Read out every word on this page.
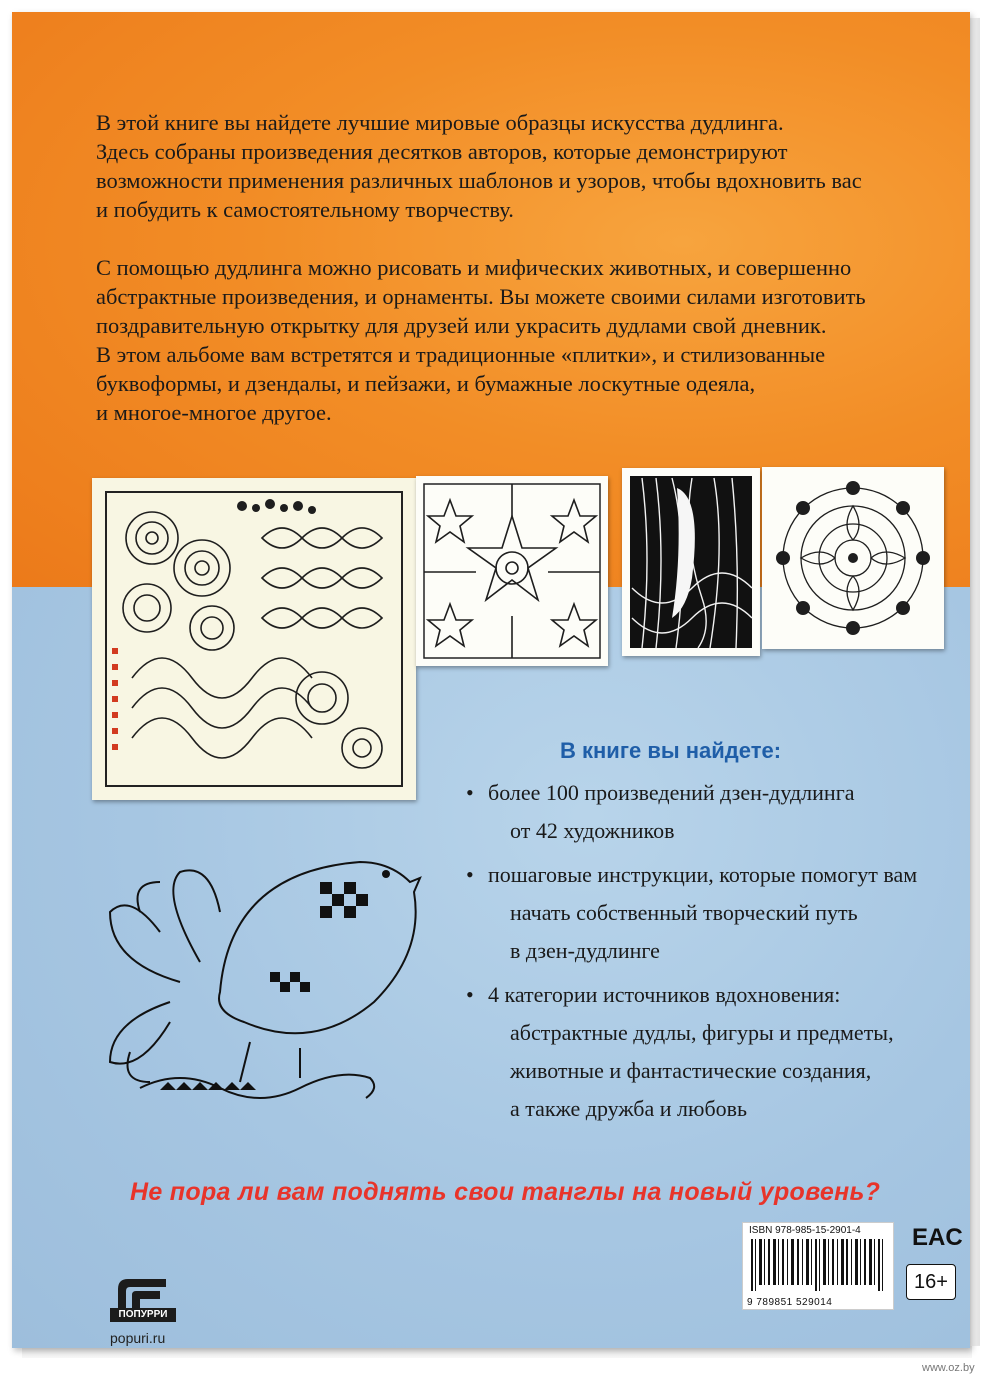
В этой книге вы найдете лучшие мировые образцы искусства дудлинга.
Здесь собраны произведения десятков авторов, которые демонстрируют
возможности применения различных шаблонов и узоров, чтобы вдохновить вас
и побудить к самостоятельному творчеству.

С помощью дудлинга можно рисовать и мифических животных, и совершенно
абстрактные произведения, и орнаменты. Вы можете своими силами изготовить
поздравительную открытку для друзей или украсить дудлами свой дневник.
В этом альбоме вам встретятся и традиционные «плитки», и стилизованные
буквоформы, и дзендалы, и пейзажи, и бумажные лоскутные одеяла,
и многое-многое другое.

В книге вы найдете:
• более 100 произведений дзен-дудлинга
от 42 художников
• пошаговые инструкции, которые помогут вам
начать собственный творческий путь
в дзен-дудлинге
• 4 категории источников вдохновения:
абстрактные дудлы, фигуры и предметы,
животные и фантастические создания,
а также дружба и любовь
Не пора ли вам поднять свои танглы на новый уровень?
ISBN 978-985-15-2901-4
9 789851 529014
EAC
16+
ПОПУРРИ
popuri.ru
www.oz.by
